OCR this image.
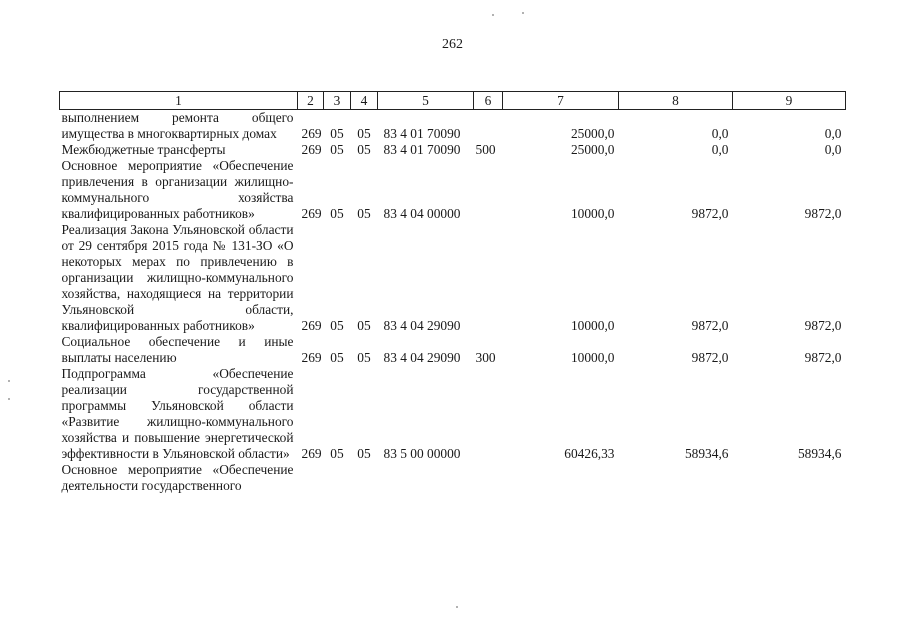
262
1	2	3	4	5	6	7	8	9
выполнением ремонта общего имущества в многоквартирных домах	269	05	05	83 4 01 70090		25000,0	0,0	0,0
Межбюджетные трансферты	269	05	05	83 4 01 70090	500	25000,0	0,0	0,0
Основное мероприятие «Обеспечение привлечения в организации жилищно-коммунального хозяйства квалифицированных работников»	269	05	05	83 4 04 00000		10000,0	9872,0	9872,0
Реализация Закона Ульяновской области от 29 сентября 2015 года № 131-ЗО «О некоторых мерах по привлечению в организации жилищно-коммунального хозяйства, находящиеся на территории Ульяновской области, квалифицированных работников»	269	05	05	83 4 04 29090		10000,0	9872,0	9872,0
Социальное обеспечение и иные выплаты населению	269	05	05	83 4 04 29090	300	10000,0	9872,0	9872,0
Подпрограмма «Обеспечение реализации государственной программы Ульяновской области «Развитие жилищно-коммунального хозяйства и повышение энергетической эффективности в Ульяновской области»	269	05	05	83 5 00 00000		60426,33	58934,6	58934,6
Основное мероприятие «Обеспечение деятельности государственного								
